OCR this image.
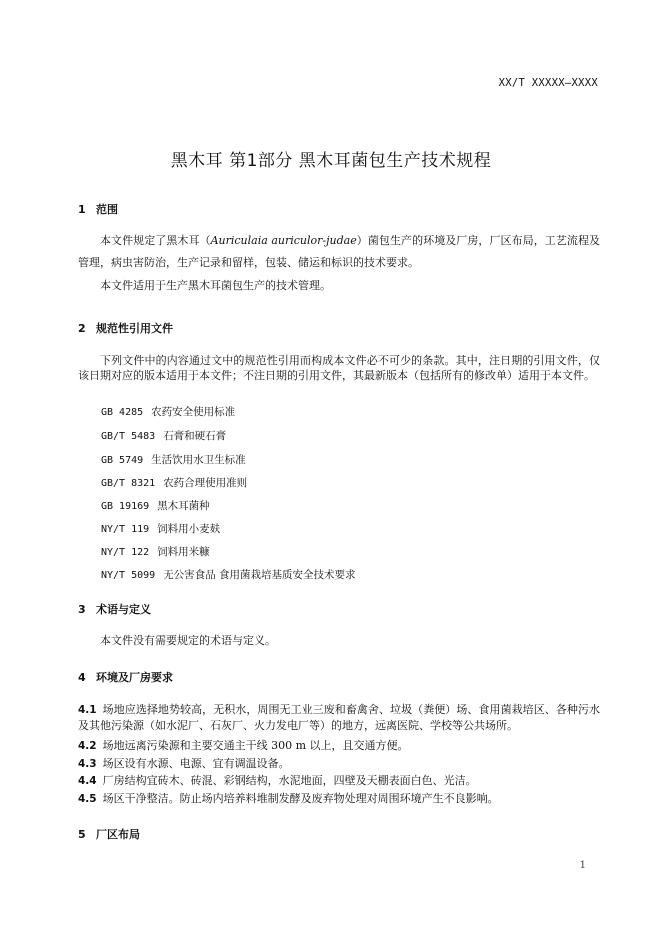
XX/T XXXXX—XXXX
黑木耳 第1部分 黑木耳菌包生产技术规程
1 范围
本文件规定了黑木耳（Auriculaia auriculor-judae）菌包生产的环境及厂房，厂区布局，工艺流程及管理，病虫害防治，生产记录和留样，包装、储运和标识的技术要求。
本文件适用于生产黑木耳菌包生产的技术管理。
2 规范性引用文件
下列文件中的内容通过文中的规范性引用而构成本文件必不可少的条款。其中，注日期的引用文件，仅该日期对应的版本适用于本文件；不注日期的引用文件，其最新版本（包括所有的修改单）适用于本文件。
GB 4285 农药安全使用标准
GB/T 5483 石膏和硬石膏
GB 5749 生活饮用水卫生标准
GB/T 8321 农药合理使用准则
GB 19169 黑木耳菌种
NY/T 119 饲料用小麦麸
NY/T 122 饲料用米糠
NY/T 5099 无公害食品 食用菌栽培基质安全技术要求
3 术语与定义
本文件没有需要规定的术语与定义。
4 环境及厂房要求
4.1 场地应选择地势较高，无积水，周围无工业三废和畜禽舍、垃圾（粪便）场、食用菌栽培区、各种污水及其他污染源（如水泥厂、石灰厂、火力发电厂等）的地方，远离医院、学校等公共场所。
4.2 场地远离污染源和主要交通主干线 300 m 以上，且交通方便。
4.3 场区设有水源、电源、宜有调温设备。
4.4 厂房结构宜砖木、砖混、彩钢结构，水泥地面，四壁及天棚表面白色、光洁。
4.5 场区干净整洁。防止场内培养料堆制发酵及废弃物处理对周围环境产生不良影响。
5 厂区布局
1
